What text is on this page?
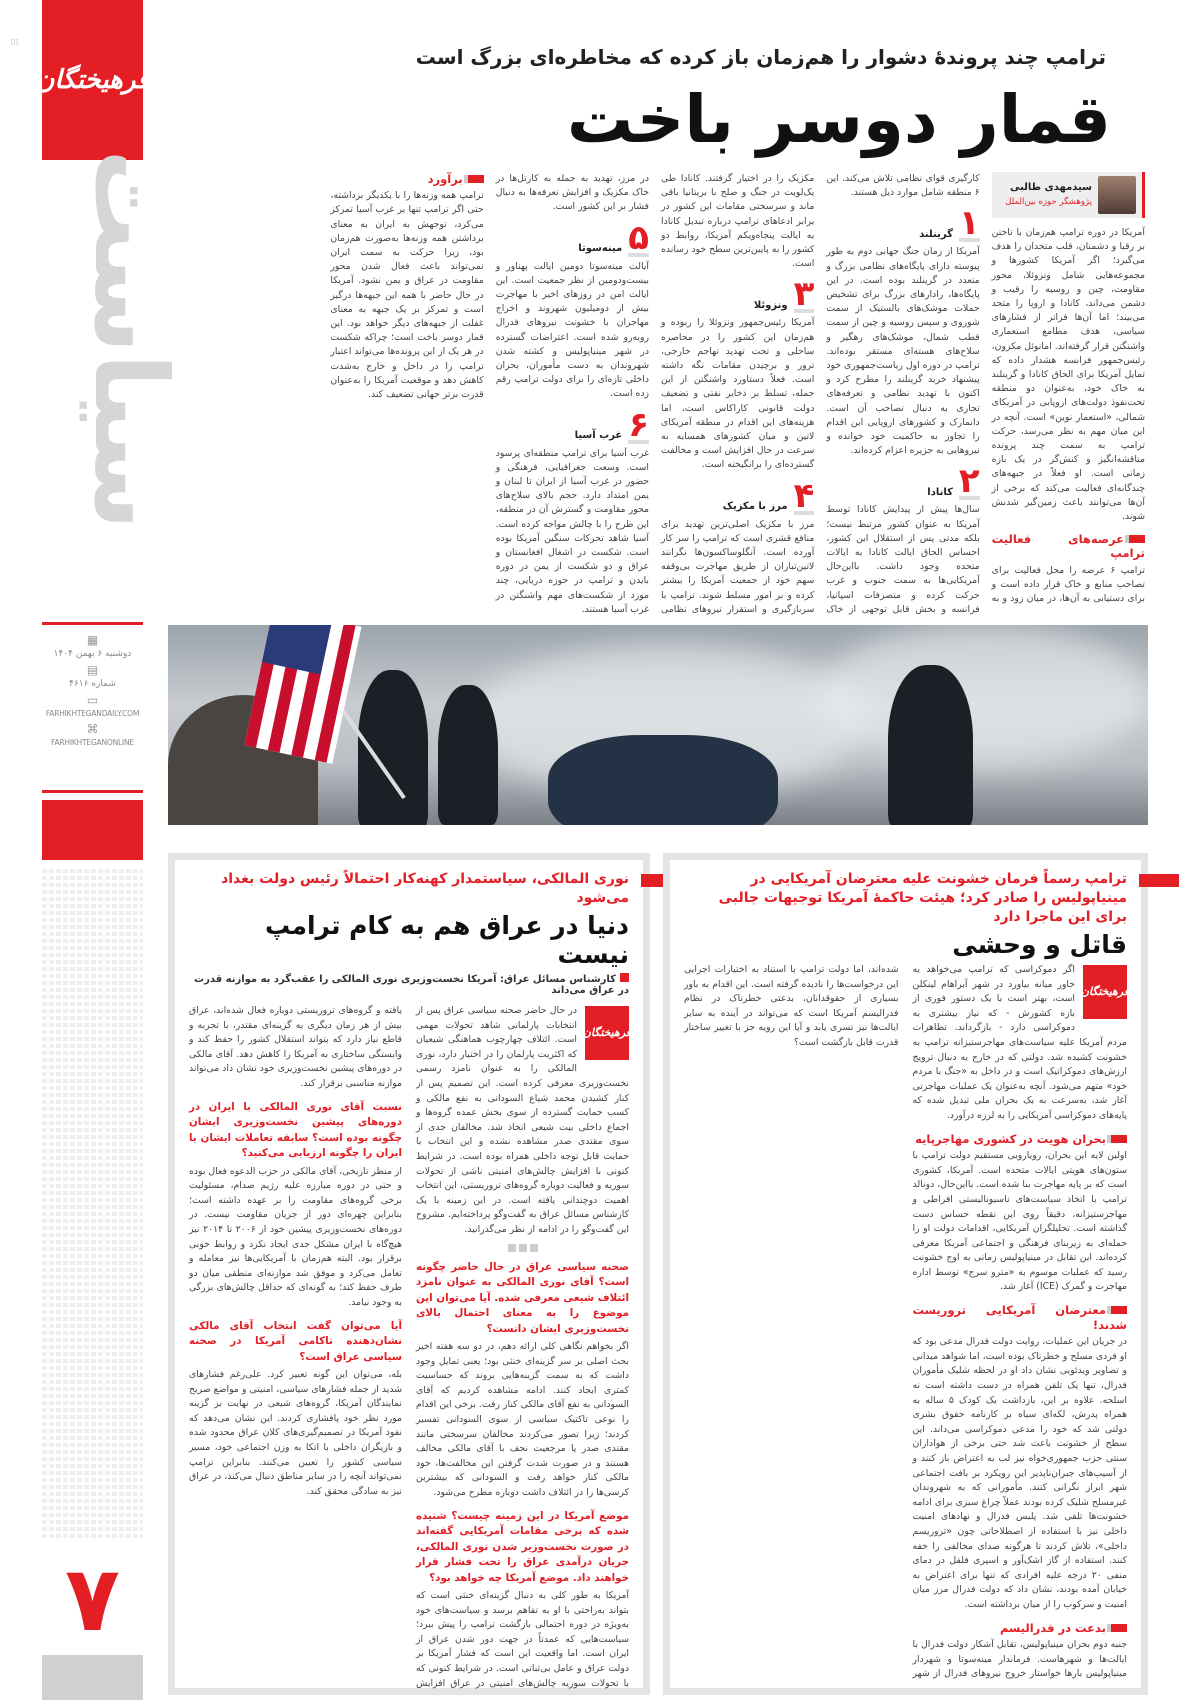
⁞⁞⁞
فرهیختگان
سیاست
▦
دوشنبه ۶ بهمن ۱۴۰۴
▤
شماره ۴۶۱۶
▭
FARHIKHTEGANDAILY.COM
⌘
FARHIKHTEGANONLINE
۷
ترامپ چند پروندۀ دشوار را هم‌زمان باز کرده که مخاطره‌ای بزرگ است
قمار دوسر باخت
سیدمهدی طالبی
پژوهشگر حوزه بین‌الملل

آمریکا در دوره ترامپ هم‌زمان با تاختن بر رقبا و دشمنان، قلب متحدان را هدف می‌گیرد؛ اگر آمریکا کشورها و مجموعه‌هایی شامل ونزوئلا، محور مقاومت، چین و روسیه را رقیب و دشمن می‌داند، کانادا و اروپا را متحد می‌بیند؛ اما آن‌ها فراتر از فشارهای سیاسی، هدف مطامع استعماری واشنگتن قرار گرفته‌اند. امانوئل مکرون، رئیس‌جمهور فرانسه هشدار داده که تمایل آمریکا برای الحاق کانادا و گرینلند به خاک خود، به‌عنوان دو منطقه تحت‌نفوذ دولت‌های اروپایی در آمریکای شمالی، «استعمار نوین» است. آنچه در این میان مهم به نظر می‌رسد، حرکت ترامپ به سمت چند پرونده مناقشه‌انگیز و کنش‌گر در یک بازه زمانی است. او فعلاً در جبهه‌های چندگانه‌ای فعالیت می‌کند که برخی از آن‌ها می‌توانند باعث زمین‌گیر شدنش شوند.

عرصه‌های فعالیت ترامپ

ترامپ ۶ عرصه را محل فعالیت برای تصاحب منابع و خاک قرار داده است و برای دستیابی به آن‌ها، در میان زود و به کارگیری قوای نظامی تلاش می‌کند. این ۶ منطقه شامل موارد ذیل هستند.

۱
گرینلند

آمریکا از زمان جنگ جهانی دوم به طور پیوسته دارای پایگاه‌های نظامی بزرگ و متعدد در گرینلند بوده است. در این پایگاه‌ها، رادارهای بزرگ برای تشخیص حملات موشک‌های بالستیک از سمت شوروی و سپس روسیه و چین از سمت قطب شمال، موشک‌های رهگیر و سلاح‌های هسته‌ای مستقر بوده‌اند. ترامپ در دوره اول ریاست‌جمهوری خود پیشنهاد خرید گرینلند را مطرح کرد و اکنون با تهدید نظامی و تعرفه‌های تجاری به دنبال تصاحب آن است. دانمارک و کشورهای اروپایی این اقدام را تجاوز به حاکمیت خود خوانده و نیروهایی به جزیره اعزام کرده‌اند.

۲
کانادا

سال‌ها پیش از پیدایش کانادا توسط آمریکا به عنوان کشور مرتبط نیست؛ بلکه مدتی پس از استقلال این کشور، احساس الحاق ایالت کانادا به ایالات متحده وجود داشت. بااین‌حال آمریکایی‌ها به سمت جنوب و غرب حرکت کرده و متصرفات اسپانیا، فرانسه و بخش قابل توجهی از خاک مکزیک را در اختیار گرفتند. کانادا طی یک‌لویت در جنگ و صلح با بریتانیا باقی ماند و سرسختی مقامات این کشور در برابر ادعاهای ترامپ درباره تبدیل کانادا به ایالت پنجاه‌ویکم آمریکا، روابط دو کشور را به پایین‌ترین سطح خود رسانده است.

۳
ونزوئلا

آمریکا رئیس‌جمهور ونزوئلا را ربوده و هم‌زمان این کشور را در محاصره ساحلی و تحت تهدید تهاجم خارجی، ترور و برچیدن مقامات نگه داشته است. فعلاً دستاورد واشنگتن از این حمله، تسلط بر ذخایر نفتی و تضعیف دولت قانونی کاراکاس است، اما هزینه‌های این اقدام در منطقه آمریکای لاتین و میان کشورهای همسایه به سرعت در حال افزایش است و مخالفت گسترده‌ای را برانگیخته است.

۴
مرز با مکزیک

مرز با مکزیک اصلی‌ترین تهدید برای منافع قشری است که ترامپ را سر کار آورده است. آنگلوساکسون‌ها نگرانند لاتین‌تباران از طریق مهاجرت بی‌وقفه سهم خود از جمعیت آمریکا را بیشتر کرده و بر امور مسلط شوند. ترامپ با سربازگیری و استقرار نیروهای نظامی در مرز، تهدید به حمله به کارتل‌ها در خاک مکزیک و افزایش تعرفه‌ها به دنبال فشار بر این کشور است.

۵
مینه‌سوتا

آیالت مینه‌سوتا دومین ایالت پهناور و بیست‌ودومین از نظر جمعیت است. این ایالت امن در روزهای اخیر با مهاجرت بیش از دومیلیون شهروند و اخراج مهاجران با خشونت نیروهای فدرال روبه‌رو شده است. اعتراضات گسترده در شهر مینیاپولیس و کشته شدن شهروندان به دست مأموران، بحران داخلی تازه‌ای را برای دولت ترامپ رقم زده است.

۶
غرب آسیا

غرب آسیا برای ترامپ منطقه‌ای پرسود است. وسعت جغرافیایی، فرهنگی و حضور در غرب آسیا از ایران تا لبنان و یمن امتداد دارد. حجم بالای سلاح‌های محور مقاومت و گسترش آن در منطقه، این طرح را با چالش مواجه کرده است. آسیا شاهد تحرکات سنگین آمریکا بوده است. شکست در اشغال افغانستان و عراق و دو شکست از یمن در دوره بایدن و ترامپ در حوزه دریایی، چند مورد از شکست‌های مهم واشنگتن در غرب آسیا هستند.

برآورد

ترامپ همه وزنه‌ها را با یکدیگر برداشته، حتی اگر ترامپ تنها بر غرب آسیا تمرکز می‌کرد، توجهش به ایران به معنای برداشتن همه وزنه‌ها به‌صورت هم‌زمان بود، زیرا حرکت به سمت ایران نمی‌تواند باعث فعال شدن محور مقاومت در عراق و یمن نشود. آمریکا در حال حاضر با همه این جبهه‌ها درگیر است و تمرکز بر یک جبهه به معنای غفلت از جبهه‌های دیگر خواهد بود. این قمار دوسر باخت است؛ چراکه شکست در هر یک از این پرونده‌ها می‌تواند اعتبار ترامپ را در داخل و خارج به‌شدت کاهش دهد و موقعیت آمریکا را به‌عنوان قدرت برتر جهانی تضعیف کند.

نوری المالکی، سیاستمدار کهنه‌کار احتمالاً رئیس دولت بغداد می‌شود
دنیا در عراق هم به کام ترامپ نیست
کارشناس مسائل عراق: آمریکا نخست‌وزیری نوری المالکی را عقب‌گرد به موازنه قدرت در عراق می‌داند
فرهیختگان

در حال حاضر صحنه سیاسی عراق پس از انتخابات پارلمانی شاهد تحولات مهمی است. ائتلاف چهارچوب هماهنگی شیعیان که اکثریت پارلمان را در اختیار دارد، نوری المالکی را به عنوان نامزد رسمی نخست‌وزیری معرفی کرده است. این تصمیم پس از کنار کشیدن محمد شیاع السودانی به نفع مالکی و کسب حمایت گسترده از سوی بخش عمده گروه‌ها و اجماع داخلی بیت شیعی اتخاذ شد. مخالفان جدی از سوی مقتدی صدر مشاهده نشده و این انتخاب با حمایت قابل توجه داخلی همراه بوده است. در شرایط کنونی با افزایش چالش‌های امنیتی ناشی از تحولات سوریه و فعالیت دوباره گروه‌های تروریستی، این انتخاب اهمیت دوچندانی یافته است. در این زمینه با یک کارشناس مسائل عراق به گفت‌وگو پرداخته‌ایم. مشروح این گفت‌وگو را در ادامه از نظر می‌گذرانید.

صحنه سیاسی عراق در حال حاضر چگونه است؟ آقای نوری المالکی به عنوان نامزد ائتلاف شیعی معرفی شده. آیا می‌توان این موضوع را به معنای احتمال بالای نخست‌وزیری ایشان دانست؟

اگر بخواهم نگاهی کلی ارائه دهم، در دو سه هفته اخیر بحث اصلی بر سر گزینه‌ای خنثی بود؛ یعنی تمایل وجود داشت که به سمت گزینه‌هایی بروند که حساسیت کمتری ایجاد کنند. ادامه مشاهده کردیم که آقای السودانی به نفع آقای مالکی کنار رفت. برخی این اقدام را نوعی تاکتیک سیاسی از سوی السودانی تفسیر کردند؛ زیرا تصور می‌کردند مخالفان سرسختی مانند مقتدی صدر یا مرجعیت نجف با آقای مالکی مخالف هستند و در صورت شدت گرفتن این مخالفت‌ها، خود مالکی کنار خواهد رفت و السودانی که بیشترین کرسی‌ها را در ائتلاف داشت دوباره مطرح می‌شود.

موضع آمریکا در این زمینه چیست؟ شنیده شده که برخی مقامات آمریکایی گفته‌اند در صورت نخست‌وزیر شدن نوری المالکی، جریان درآمدی عراق را تحت فشار قرار خواهند داد. موضع آمریکا چه خواهد بود؟

آمریکا به طور کلی به دنبال گزینه‌ای خنثی است که بتواند به‌راحتی با او به تفاهم برسد و سیاست‌های خود به‌ویژه در دوره احتمالی بازگشت ترامپ را پیش ببرد؛ سیاست‌هایی که عمدتاً در جهت دور شدن عراق از ایران است. اما واقعیت این است که فشار آمریکا بر دولت عراق و عامل بی‌ثباتی است. در شرایط کنونی که با تحولات سوریه چالش‌های امنیتی در عراق افزایش یافته و گروه‌های تروریستی دوباره فعال شده‌اند، عراق بیش از هر زمان دیگری به گزینه‌ای مقتدر، با تجربه و قاطع نیاز دارد که بتواند استقلال کشور را حفظ کند و وابستگی ساختاری به آمریکا را کاهش دهد. آقای مالکی در دوره‌های پیشین نخست‌وزیری خود نشان داد می‌تواند موازنه مناسبی برقرار کند.

نسبت آقای نوری المالکی با ایران در دوره‌های پیشین نخست‌وزیری ایشان چگونه بوده است؟ سابقه تعاملات ایشان با ایران را چگونه ارزیابی می‌کنید؟

از منظر تاریخی، آقای مالکی در حزب الدعوه فعال بوده و حتی در دوره مبارزه علیه رژیم صدام، مسئولیت برخی گروه‌های مقاومت را بر عهده داشته است؛ بنابراین چهره‌ای دور از جریان مقاومت نیست. در دوره‌های نخست‌وزیری پیشین خود از ۲۰۰۶ تا ۲۰۱۴ نیز هیچ‌گاه با ایران مشکل جدی ایجاد نکرد و روابط خوبی برقرار بود. البته هم‌زمان با آمریکایی‌ها نیز معامله و تعامل می‌کرد و موفق شد موازنه‌ای منطقی میان دو طرف حفظ کند؛ به گونه‌ای که حداقل چالش‌های بزرگی به وجود نیامد.

آیا می‌توان گفت انتخاب آقای مالکی نشان‌دهنده ناکامی آمریکا در صحنه سیاسی عراق است؟

بله، می‌توان این گونه تعبیر کرد. علی‌رغم فشارهای شدید از جمله فشارهای سیاسی، امنیتی و مواضع صریح نمایندگان آمریکا، گروه‌های شیعی در نهایت بر گزینه مورد نظر خود پافشاری کردند. این نشان می‌دهد که نفوذ آمریکا در تصمیم‌گیری‌های کلان عراق محدود شده و بازیگران داخلی با اتکا به وزن اجتماعی خود، مسیر سیاسی کشور را تعیین می‌کنند. بنابراین ترامپ نمی‌تواند آنچه را در سایر مناطق دنبال می‌کند، در عراق نیز به سادگی محقق کند.

ترامپ رسماً فرمان خشونت علیه معترضان آمریکایی در مینیاپولیس را صادر کرد؛ هیئت حاکمۀ آمریکا توجیهات جالبی برای این ماجرا دارد
قاتل و وحشی
فرهیختگان

اگر دموکراسی که ترامپ می‌خواهد به خاور میانه بیاورد در شهر آبراهام لینکلن است، بهتر است با یک دستور فوری از بازه کشورش - که نیاز بیشتری به دموکراسی دارد - بازگرداند. تظاهرات مردم آمریکا علیه سیاست‌های مهاجرستیزانه ترامپ به خشونت کشیده شد. دولتی که در خارج به دنبال ترویج ارزش‌های دموکراتیک است و در داخل به «جنگ با مردم خود» متهم می‌شود. آنچه به‌عنوان یک عملیات مهاجرتی آغاز شد، به‌سرعت به یک بحران ملی تبدیل شده که پایه‌های دموکراسی آمریکایی را به لرزه درآورد.

بحران هویت در کشوری مهاجرپایه

اولین لایه این بحران، رویارویی مستقیم دولت ترامپ با ستون‌های هویتی ایالات متحده است. آمریکا، کشوری است که بر پایه مهاجرت بنا شده است. بااین‌حال، دونالد ترامپ با اتخاذ سیاست‌های ناسیونالیستی افراطی و مهاجرستیزانه، دقیقاً روی این نقطه حساس دست گذاشته است. تحلیلگران آمریکایی، اقدامات دولت او را حمله‌ای به زیربنای فرهنگی و اجتماعی آمریکا معرفی کرده‌اند. این تقابل در مینیاپولیس زمانی به اوج خشونت رسید که عملیات موسوم به «مترو سرج» توسط اداره مهاجرت و گمرک (ICE) آغاز شد.

معترضان آمریکایی تروریست شدند!

در جریان این عملیات، روایت دولت فدرال مدعی بود که او فردی مسلح و خطرناک بوده است، اما شواهد میدانی و تصاویر ویدئویی نشان داد او در لحظه شلیک مأموران فدرال، تنها یک تلفن همراه در دست داشته است نه اسلحه. علاوه بر این، بازداشت یک کودک ۵ ساله به همراه پدرش، لکه‌ای سیاه بر کارنامه حقوق بشری دولتی شد که خود را مدعی دموکراسی می‌داند. این سطح از خشونت باعث شد حتی برخی از هواداران سنتی حزب جمهوری‌خواه نیز لب به اعتراض باز کنند و از آسیب‌های جبران‌ناپذیر این رویکرد بر بافت اجتماعی شهر ابراز نگرانی کنند. مأمورانی که به شهروندان غیرمسلح شلیک کرده بودند عملاً چراغ سبزی برای ادامه خشونت‌ها تلقی شد. پلیس فدرال و نهادهای امنیت داخلی نیز با استفاده از اصطلاحاتی چون «تروریسم داخلی»، تلاش کردند تا هرگونه صدای مخالفی را خفه کنند. استفاده از گاز اشک‌آور و اسپری فلفل در دمای منفی ۲۰ درجه علیه افرادی که تنها برای اعتراض به خیابان آمده بودند، نشان داد که دولت فدرال مرز میان امنیت و سرکوب را از میان برداشته است.

بدعت در فدرالیسم

جنبه دوم بحران مینیاپولیس، تقابل آشکار دولت فدرال با ایالت‌ها و شهرهاست. فرماندار مینه‌سوتا و شهردار مینیاپولیس بارها خواستار خروج نیروهای فدرال از شهر شده‌اند، اما دولت ترامپ با استناد به اختیارات اجرایی این درخواست‌ها را نادیده گرفته است. این اقدام به باور بسیاری از حقوقدانان، بدعتی خطرناک در نظام فدرالیسم آمریکا است که می‌تواند در آینده به سایر ایالت‌ها نیز تسری یابد و آیا این رویه جز با تغییر ساختار قدرت قابل بازگشت است؟
